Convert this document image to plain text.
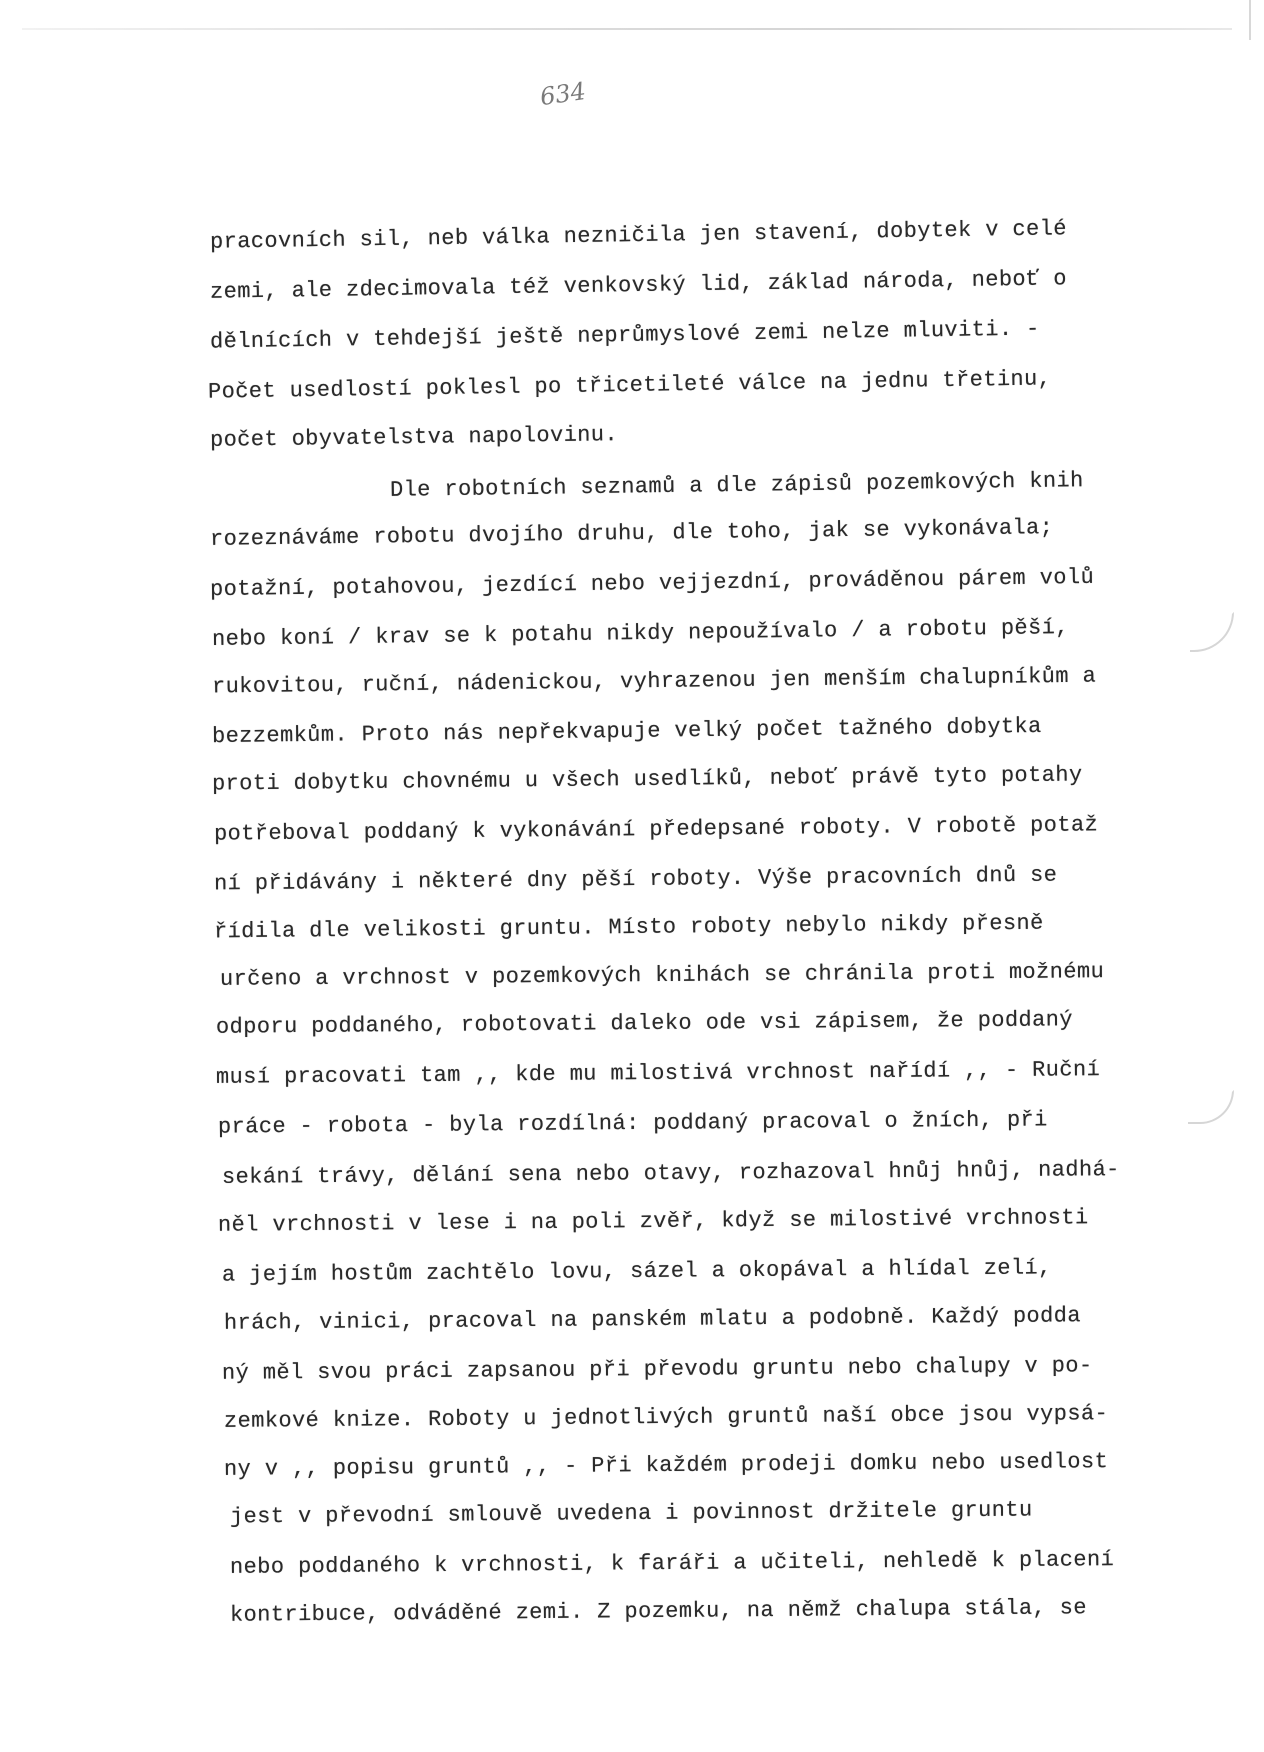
634

pracovních sil, neb válka nezničila jen stavení, dobytek v celé

zemi, ale zdecimovala též venkovský lid, základ národa, neboť o

dělnících v tehdejší ještě neprůmyslové zemi nelze mluviti. -

Počet usedlostí poklesl po třicetileté válce na jednu třetinu,

počet obyvatelstva napolovinu.

Dle robotních seznamů a dle zápisů pozemkových knih

rozeznáváme robotu dvojího druhu, dle toho, jak se vykonávala;

potažní, potahovou, jezdící nebo vejjezdní, prováděnou párem volů

nebo koní / krav se k potahu nikdy nepoužívalo / a robotu pěší,

rukovitou, ruční, nádenickou, vyhrazenou jen menším chalupníkům a

bezzemkům. Proto nás nepřekvapuje velký počet tažného dobytka

proti dobytku chovnému u všech usedlíků, neboť právě tyto potahy

potřeboval poddaný k vykonávání předepsané roboty. V robotě potaž

ní přidávány i některé dny pěší roboty. Výše pracovních dnů se

řídila dle velikosti gruntu. Místo roboty nebylo nikdy přesně

určeno a vrchnost v pozemkových knihách se chránila proti možnému

odporu poddaného, robotovati daleko ode vsi zápisem, že poddaný

musí pracovati tam ,, kde mu milostivá vrchnost nařídí ,, - Ruční

práce - robota - byla rozdílná: poddaný pracoval o žních, při

sekání trávy, dělání sena nebo otavy, rozhazoval hnůj hnůj, nadhá-

něl vrchnosti v lese i na poli zvěř, když se milostivé vrchnosti

a jejím hostům zachtělo lovu, sázel a okopával a hlídal zelí,

hrách, vinici, pracoval na panském mlatu a podobně. Každý podda

ný měl svou práci zapsanou při převodu gruntu nebo chalupy v po-

zemkové knize. Roboty u jednotlivých gruntů naší obce jsou vypsá-

ny v ,, popisu gruntů ,, - Při každém prodeji domku nebo usedlost

jest v převodní smlouvě uvedena i povinnost držitele gruntu

nebo poddaného k vrchnosti, k faráři a učiteli, nehledě k placení

kontribuce, odváděné zemi. Z pozemku, na němž chalupa stála, se
